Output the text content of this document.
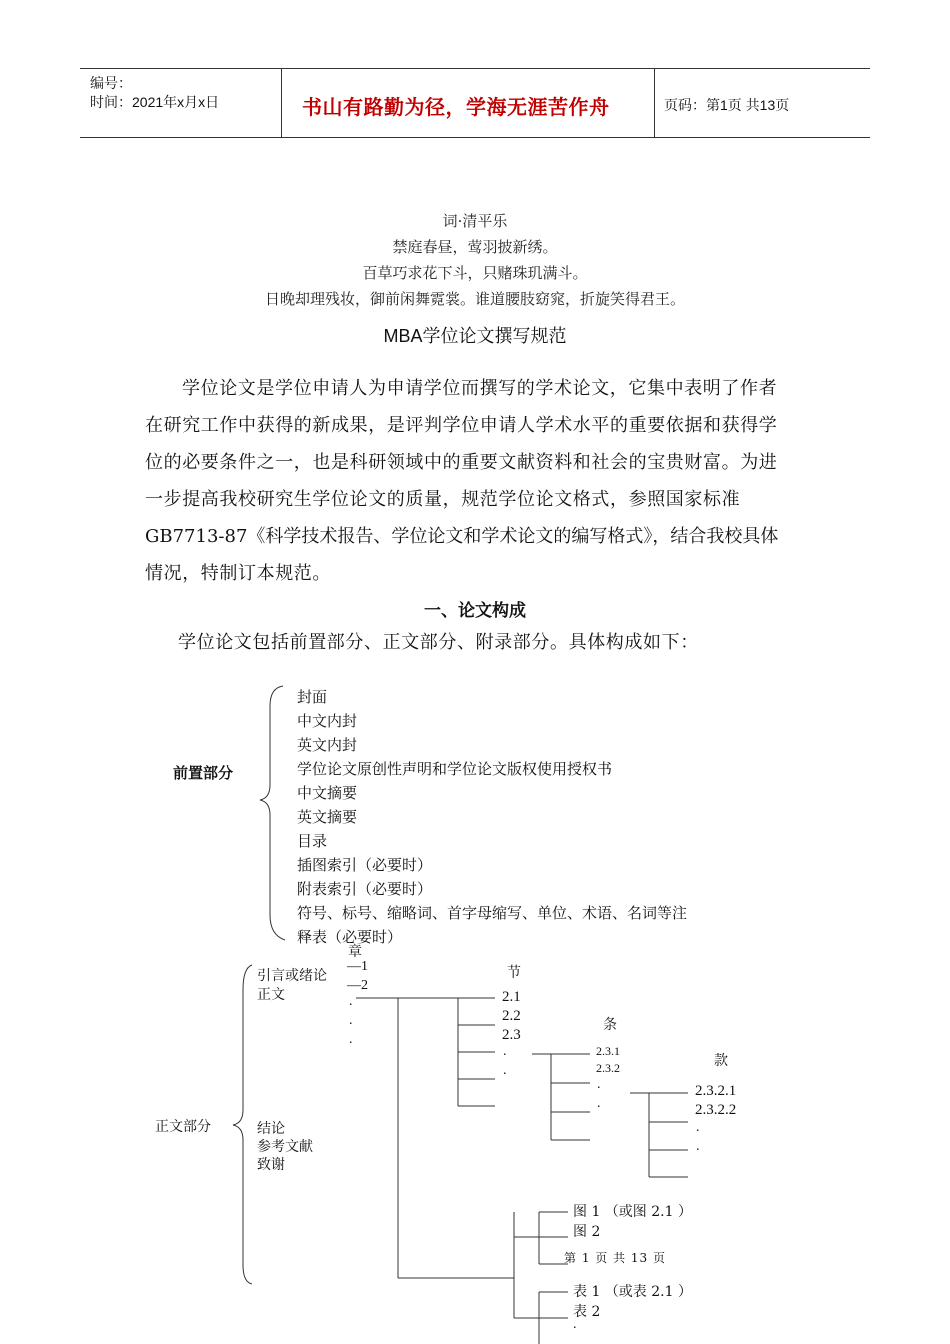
编号：
时间：2021年x月x日	书山有路勤为径，学海无涯苦作舟	页码：第1页 共13页
词·清平乐
禁庭春昼，莺羽披新绣。
百草巧求花下斗，只赌珠玑满斗。
日晚却理残妆，御前闲舞霓裳。谁道腰肢窈窕，折旋笑得君王。
MBA学位论文撰写规范
学位论文是学位申请人为申请学位而撰写的学术论文，它集中表明了作者
在研究工作中获得的新成果，是评判学位申请人学术水平的重要依据和获得学
位的必要条件之一，也是科研领域中的重要文献资料和社会的宝贵财富。为进
一步提高我校研究生学位论文的质量，规范学位论文格式，参照国家标准
GB7713-87《科学技术报告、学位论文和学术论文的编写格式》，结合我校具体
情况，特制订本规范。
一、论文构成
学位论文包括前置部分、正文部分、附录部分。具体构成如下：
前置部分
封面
中文内封
英文内封
学位论文原创性声明和学位论文版权使用授权书
中文摘要
英文摘要
目录
插图索引（必要时）
附表索引（必要时）
符号、标号、缩略词、首字母缩写、单位、术语、名词等注
释表（必要时）
正文部分
引言或绪论
正文
结论
参考文献
致谢
章
—1
—2
.
.
.
节
2.1
2.2
2.3
.
.
条
2.3.1
2.3.2
.
.
款
2.3.2.1
2.3.2.2
.
.
图 1 （或图 2.1 ）
图 2
第 1 页 共 13 页
表 1 （或表 2.1 ）
表 2
.
